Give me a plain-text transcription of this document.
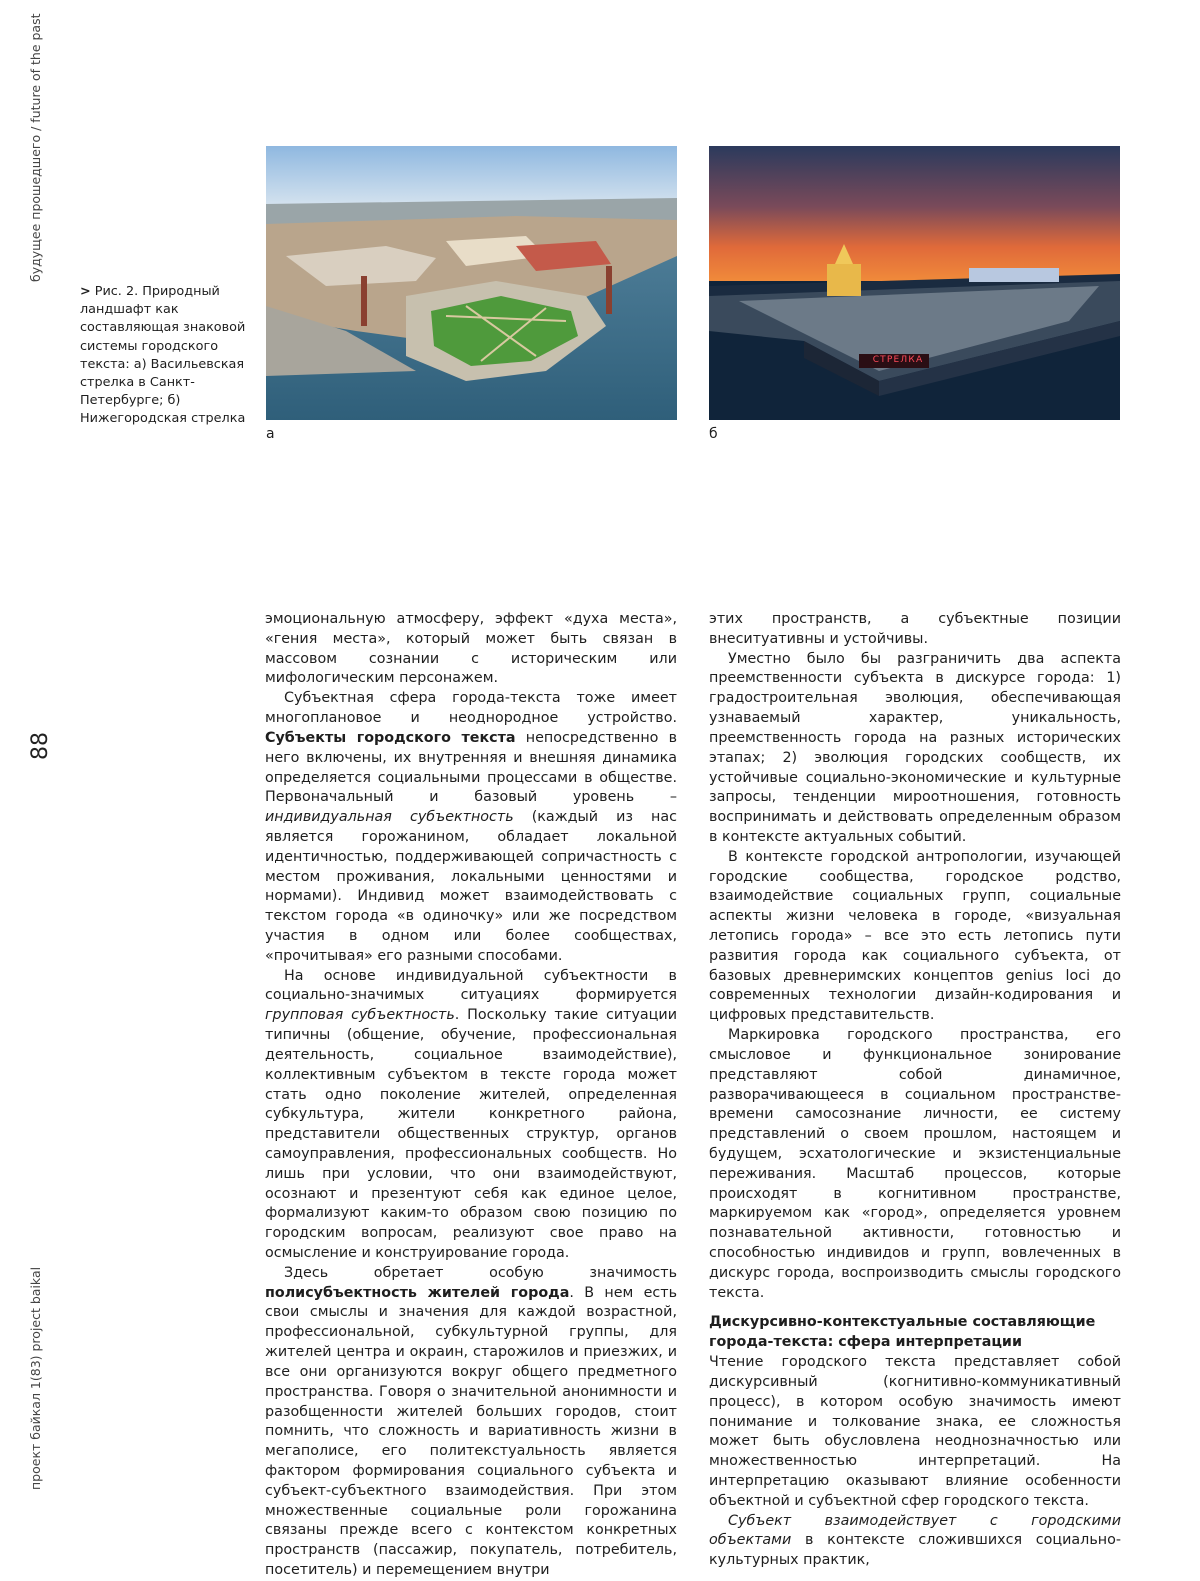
будущее прошедшего / future of the past
проект байкал 1(83) project baikal
88
> Рис. 2. Природный ландшафт как составляющая знаковой системы городского текста: а) Васильевская стрелка в Санкт-Петербурге; б) Нижегородская стрелка
СТРЕЛКА
а	б

эмоциональную атмосферу, эффект «духа места», «гения места», который может быть связан в массовом сознании с историческим или мифологическим персонажем.

Субъектная сфера города-текста тоже имеет многоплановое и неоднородное устройство. Субъекты городского текста непосредственно в него включены, их внутренняя и внешняя динамика определяется социальными процессами в обществе. Первоначальный и базовый уровень – индивидуальная субъектность (каждый из нас является горожанином, обладает локальной идентичностью, поддерживающей сопричастность с местом проживания, локальными ценностями и нормами). Индивид может взаимодействовать с текстом города «в одиночку» или же посредством участия в одном или более сообществах, «прочитывая» его разными способами.

На основе индивидуальной субъектности в социально-значимых ситуациях формируется групповая субъектность. Поскольку такие ситуации типичны (общение, обучение, профессиональная деятельность, социальное взаимодействие), коллективным субъектом в тексте города может стать одно поколение жителей, определенная субкультура, жители конкретного района, представители общественных структур, органов самоуправления, профессиональных сообществ. Но лишь при условии, что они взаимодействуют, осознают и презентуют себя как единое целое, формализуют каким-то образом свою позицию по городским вопросам, реализуют свое право на осмысление и конструирование города.

Здесь обретает особую значимость полисубъектность жителей города. В нем есть свои смыслы и значения для каждой возрастной, профессиональной, субкультурной группы, для жителей центра и окраин, старожилов и приезжих, и все они организуются вокруг общего предметного пространства. Говоря о значительной анонимности и разобщенности жителей больших городов, стоит помнить, что сложность и вариативность жизни в мегаполисе, его политекстуальность является фактором формирования социального субъекта и субъект-субъектного взаимодействия. При этом множественные социальные роли горожанина связаны прежде всего с контекстом конкретных пространств (пассажир, покупатель, потребитель, посетитель) и перемещением внутри

этих пространств, а субъектные позиции внеситуативны и устойчивы.

Уместно было бы разграничить два аспекта преемственности субъекта в дискурсе города: 1) градостроительная эволюция, обеспечивающая узнаваемый характер, уникальность, преемственность города на разных исторических этапах; 2) эволюция городских сообществ, их устойчивые социально-экономические и культурные запросы, тенденции мироотношения, готовность воспринимать и действовать определенным образом в контексте актуальных событий.

В контексте городской антропологии, изучающей городские сообщества, городское родство, взаимодействие социальных групп, социальные аспекты жизни человека в городе, «визуальная летопись города» – все это есть летопись пути развития города как социального субъекта, от базовых древнеримских концептов genius loci до современных технологии дизайн-кодирования и цифровых представительств.

Маркировка городского пространства, его смысловое и функциональное зонирование представляют собой динамичное, разворачивающееся в социальном пространстве-времени самосознание личности, ее систему представлений о своем прошлом, настоящем и будущем, эсхатологические и экзистенциальные переживания. Масштаб процессов, которые происходят в когнитивном пространстве, маркируемом как «город», определяется уровнем познавательной активности, готовностью и способностью индивидов и групп, вовлеченных в дискурс города, воспроизводить смыслы городского текста.

Дискурсивно-контекстуальные составляющие города-текста: сфера интерпретации

Чтение городского текста представляет собой дискурсивный (когнитивно-коммуникативный процесс), в котором особую значимость имеют понимание и толкование знака, ее сложностья может быть обусловлена неоднозначностью или множественностью интерпретаций. На интерпретацию оказывают влияние особенности объектной и субъектной сфер городского текста.

Субъект взаимодействует с городскими объектами в контексте сложившихся социально-культурных практик,
